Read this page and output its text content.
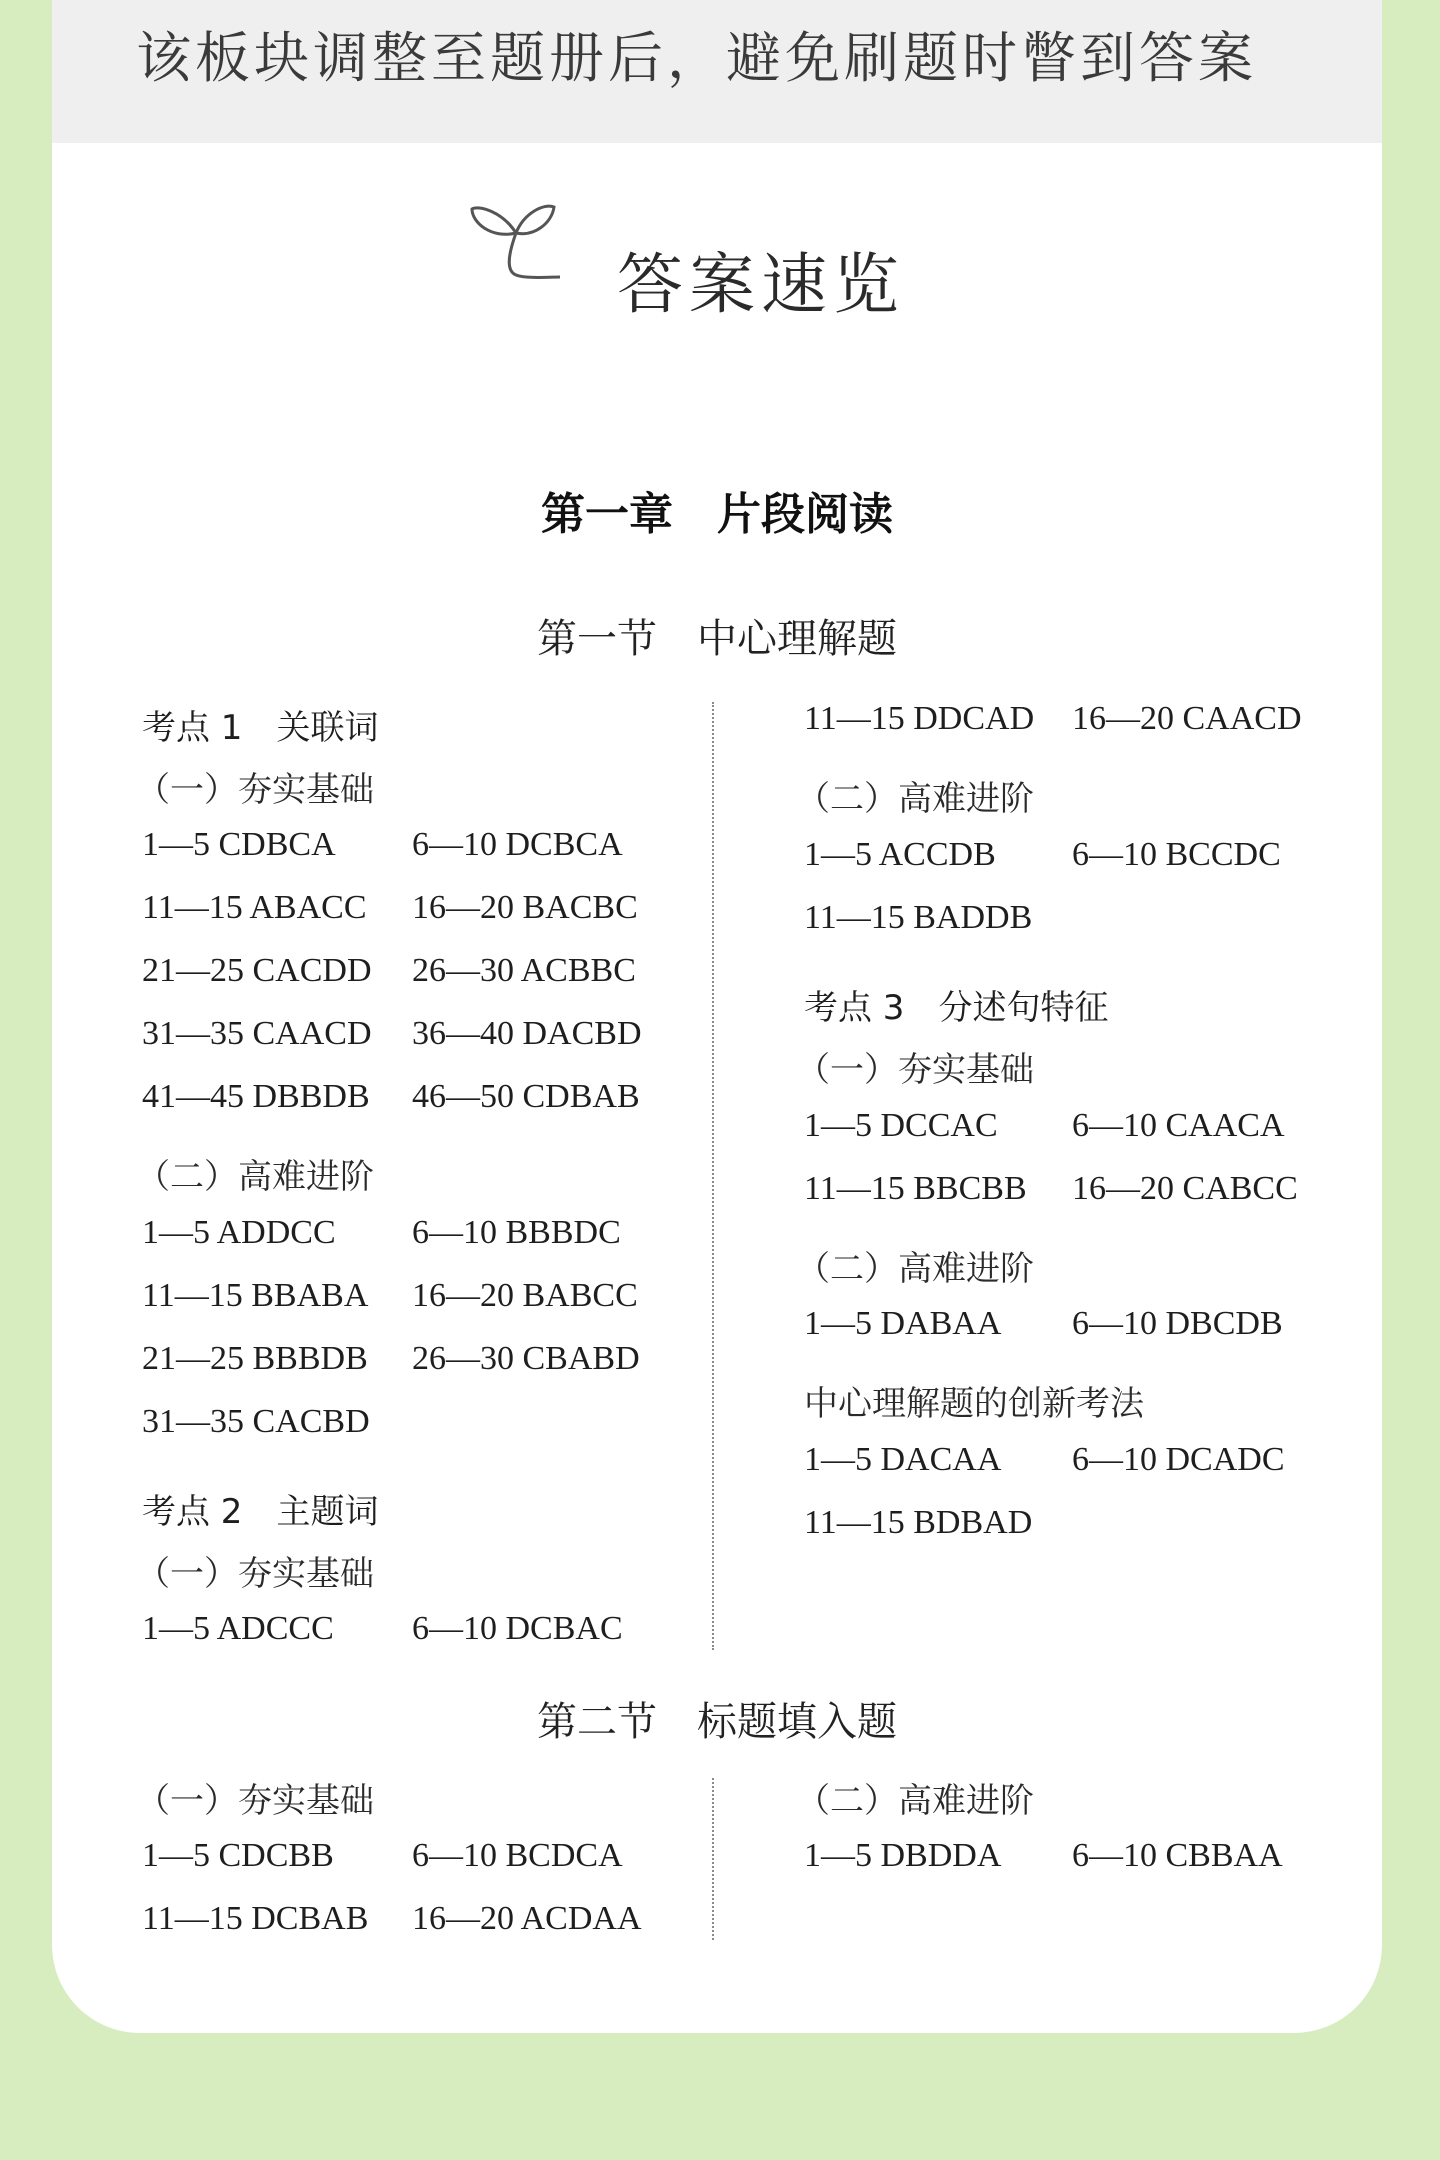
该板块调整至题册后，避免刷题时瞥到答案
答案速览
第一章　片段阅读
第一节　中心理解题
考点 1　关联词
（一）夯实基础
1—5 CDBCA 6—10 DCBCA
11—15 ABACC 16—20 BACBC
21—25 CACDD 26—30 ACBBC
31—35 CAACD 36—40 DACBD
41—45 DBBDB 46—50 CDBAB
（二）高难进阶
1—5 ADDCC 6—10 BBBDC
11—15 BBABA 16—20 BABCC
21—25 BBBDB 26—30 CBABD
31—35 CACBD
考点 2　主题词
（一）夯实基础
1—5 ADCCC 6—10 DCBAC
11—15 DDCAD 16—20 CAACD
（二）高难进阶
1—5 ACCDB 6—10 BCCDC
11—15 BADDB
考点 3　分述句特征
（一）夯实基础
1—5 DCCAC 6—10 CAACA
11—15 BBCBB 16—20 CABCC
（二）高难进阶
1—5 DABAA 6—10 DBCDB
中心理解题的创新考法
1—5 DACAA 6—10 DCADC
11—15 BDBAD
第二节　标题填入题
（一）夯实基础
1—5 CDCBB 6—10 BCDCA
11—15 DCBAB 16—20 ACDAA
（二）高难进阶
1—5 DBDDA 6—10 CBBAA
